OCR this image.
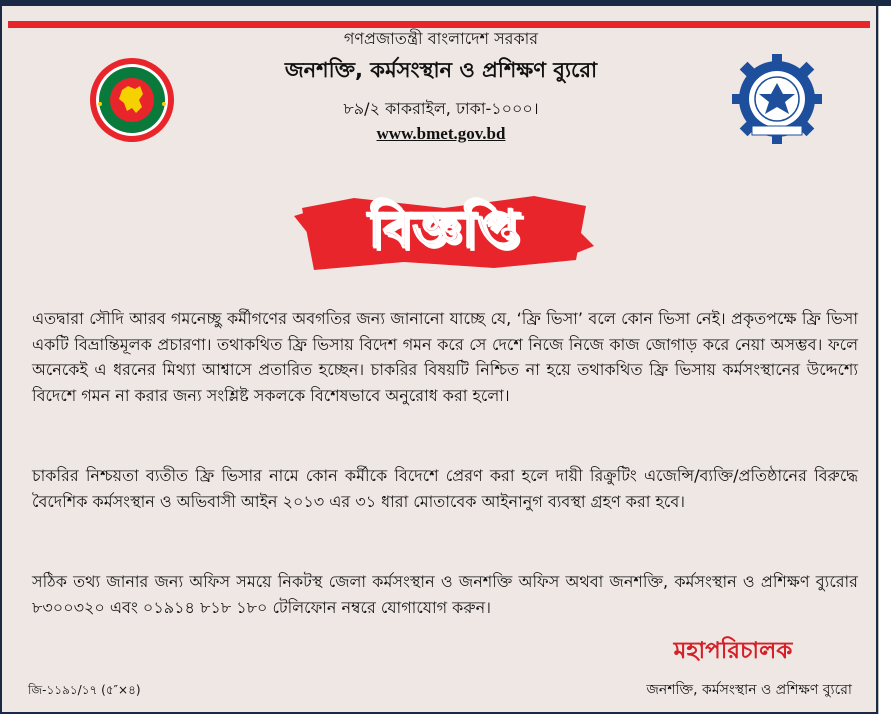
গণপ্রজাতন্ত্রী বাংলাদেশ সরকার
জনশক্তি, কর্মসংস্থান ও প্রশিক্ষণ ব্যুরো
৮৯/২ কাকরাইল, ঢাকা-১০০০।
www.bmet.gov.bd
বিজ্ঞপ্তি
এতদ্বারা সৌদি আরব গমনেচ্ছু কর্মীগণের অবগতির জন্য জানানো যাচ্ছে যে, ‘ফ্রি ভিসা’ বলে কোন ভিসা নেই। প্রকৃতপক্ষে ফ্রি ভিসা একটি বিভ্রান্তিমূলক প্রচারণা। তথাকথিত ফ্রি ভিসায় বিদেশ গমন করে সে দেশে নিজে নিজে কাজ জোগাড় করে নেয়া অসম্ভব। ফলে অনেকেই এ ধরনের মিথ্যা আশ্বাসে প্রতারিত হচ্ছেন। চাকরির বিষয়টি নিশ্চিত না হয়ে তথাকথিত ফ্রি ভিসায় কর্মসংস্থানের উদ্দেশ্যে বিদেশে গমন না করার জন্য সংশ্লিষ্ট সকলকে বিশেষভাবে অনুরোধ করা হলো।
চাকরির নিশ্চয়তা ব্যতীত ফ্রি ভিসার নামে কোন কর্মীকে বিদেশে প্রেরণ করা হলে দায়ী রিক্রুটিং এজেন্সি/ব্যক্তি/প্রতিষ্ঠানের বিরুদ্ধে বৈদেশিক কর্মসংস্থান ও অভিবাসী আইন ২০১৩ এর ৩১ ধারা মোতাবেক আইনানুগ ব্যবস্থা গ্রহণ করা হবে।
সঠিক তথ্য জানার জন্য অফিস সময়ে নিকটস্থ জেলা কর্মসংস্থান ও জনশক্তি অফিস অথবা জনশক্তি, কর্মসংস্থান ও প্রশিক্ষণ ব্যুরোর ৮৩০০৩২০ এবং ০১৯১৪ ৮১৮ ১৮০ টেলিফোন নম্বরে যোগাযোগ করুন।
মহাপরিচালক
জনশক্তি, কর্মসংস্থান ও প্রশিক্ষণ ব্যুরো
জি-১১৯১/১৭ (৫″×৪)
